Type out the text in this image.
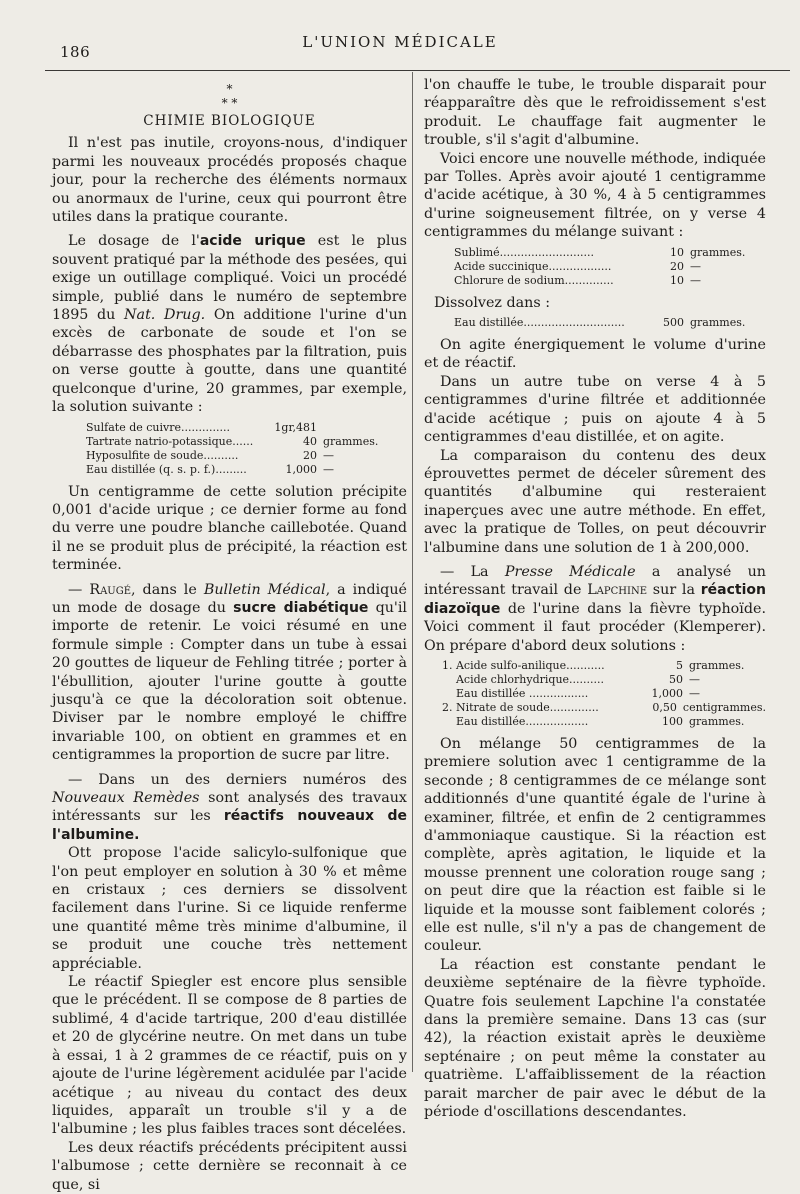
186
L'UNION MÉDICALE
*
* *
CHIMIE BIOLOGIQUE

Il n'est pas inutile, croyons-nous, d'indiquer parmi les nouveaux procédés proposés chaque jour, pour la recherche des éléments normaux ou anormaux de l'urine, ceux qui pourront être utiles dans la pratique courante.

Le dosage de l'acide urique est le plus souvent pratiqué par la méthode des pesées, qui exige un outillage compliqué. Voici un procédé simple, publié dans le numéro de septembre 1895 du Nat. Drug. On additione l'urine d'un excès de carbonate de soude et l'on se débarrasse des phosphates par la filtration, puis on verse goutte à goutte, dans une quantité quelconque d'urine, 20 grammes, par exemple, la solution suivante :

Sulfate de cuivre..............	1gr,481
Tartrate natrio-potassique......	40 grammes.
Hyposulfite de soude..........	20 —
Eau distillée (q. s. p. f.).........	1,000 —

Un centigramme de cette solution précipite 0,001 d'acide urique ; ce dernier forme au fond du verre une poudre blanche caillebotée. Quand il ne se produit plus de précipité, la réaction est terminée.

— Raugé, dans le Bulletin Médical, a indiqué un mode de dosage du sucre diabétique qu'il importe de retenir. Le voici résumé en une formule simple : Compter dans un tube à essai 20 gouttes de liqueur de Fehling titrée ; porter à l'ébullition, ajouter l'urine goutte à goutte jusqu'à ce que la décoloration soit obtenue. Diviser par le nombre employé le chiffre invariable 100, on obtient en grammes et en centigrammes la proportion de sucre par litre.

— Dans un des derniers numéros des Nouveaux Remèdes sont analysés des travaux intéressants sur les réactifs nouveaux de l'albumine.

Ott propose l'acide salicylo-sulfonique que l'on peut employer en solution à 30 % et même en cristaux ; ces derniers se dissolvent facilement dans l'urine. Si ce liquide renferme une quantité même très minime d'albumine, il se produit une couche très nettement appréciable.

Le réactif Spiegler est encore plus sensible que le précédent. Il se compose de 8 parties de sublimé, 4 d'acide tartrique, 200 d'eau distillée et 20 de glycérine neutre. On met dans un tube à essai, 1 à 2 grammes de ce réactif, puis on y ajoute de l'urine légèrement acidulée par l'acide acétique ; au niveau du contact des deux liquides, apparaît un trouble s'il y a de l'albumine ; les plus faibles traces sont décelées.

Les deux réactifs précédents précipitent aussi l'albumose ; cette dernière se reconnait à ce que, si

l'on chauffe le tube, le trouble disparait pour réapparaître dès que le refroidissement s'est produit. Le chauffage fait augmenter le trouble, s'il s'agit d'albumine.

Voici encore une nouvelle méthode, indiquée par Tolles. Après avoir ajouté 1 centigramme d'acide acétique, à 30 %, 4 à 5 centigrammes d'urine soigneusement filtrée, on y verse 4 centigrammes du mélange suivant :

Sublimé...........................	10 grammes.
Acide succinique..................	20 —
Chlorure de sodium..............	10 —
Dissolvez dans :
Eau distillée.............................	500 grammes.

On agite énergiquement le volume d'urine et de réactif.

Dans un autre tube on verse 4 à 5 centigrammes d'urine filtrée et additionnée d'acide acétique ; puis on ajoute 4 à 5 centigrammes d'eau distillée, et on agite.

La comparaison du contenu des deux éprouvettes permet de déceler sûrement des quantités d'albumine qui resteraient inaperçues avec une autre méthode. En effet, avec la pratique de Tolles, on peut découvrir l'albumine dans une solution de 1 à 200,000.

— La Presse Médicale a analysé un intéressant travail de Lapchine sur la réaction diazoïque de l'urine dans la fièvre typhoïde. Voici comment il faut procéder (Klemperer). On prépare d'abord deux solutions :

1. Acide sulfo-anilique...........	5 grammes.
Acide chlorhydrique..........	50 —
Eau distillée .................	1,000 —
2. Nitrate de soude..............	0,50 centigrammes.
Eau distillée..................	100 grammes.

On mélange 50 centigrammes de la premiere solution avec 1 centigramme de la seconde ; 8 centigrammes de ce mélange sont additionnés d'une quantité égale de l'urine à examiner, filtrée, et enfin de 2 centigrammes d'ammoniaque caustique. Si la réaction est complète, après agitation, le liquide et la mousse prennent une coloration rouge sang ; on peut dire que la réaction est faible si le liquide et la mousse sont faiblement colorés ; elle est nulle, s'il n'y a pas de changement de couleur.

La réaction est constante pendant le deuxième septénaire de la fièvre typhoïde. Quatre fois seulement Lapchine l'a constatée dans la première semaine. Dans 13 cas (sur 42), la réaction existait après le deuxième septénaire ; on peut même la constater au quatrième. L'affaiblissement de la réaction parait marcher de pair avec le début de la période d'oscillations descendantes.
